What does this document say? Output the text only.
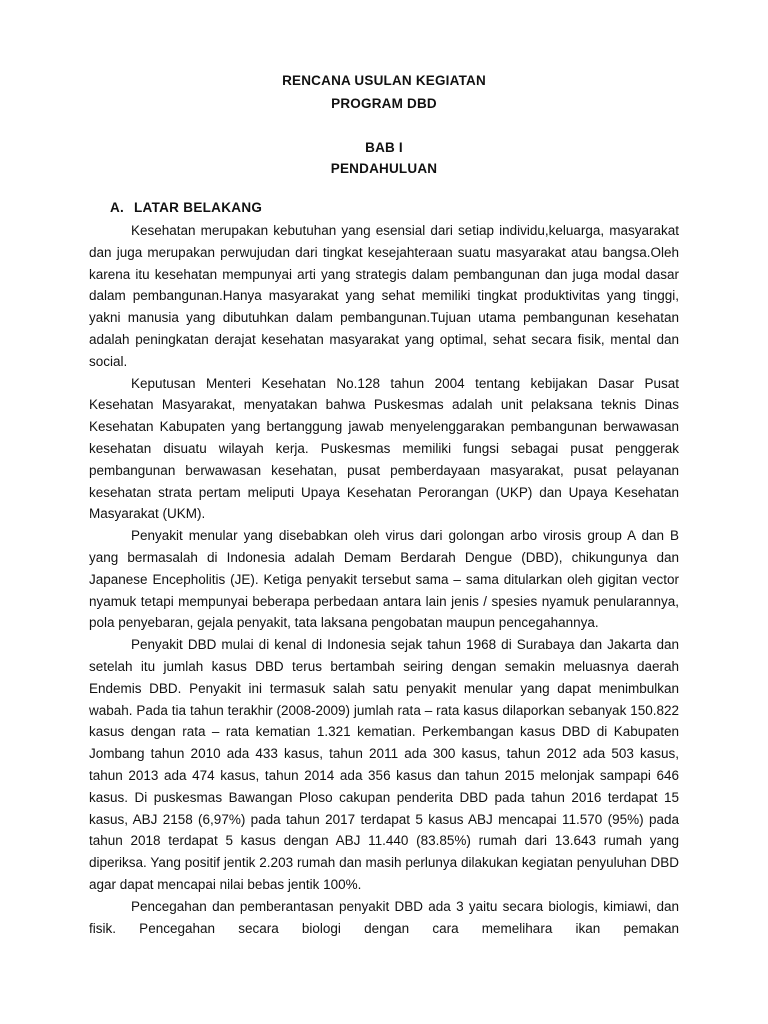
RENCANA USULAN KEGIATAN
PROGRAM DBD
BAB I
PENDAHULUAN
A. LATAR BELAKANG

Kesehatan merupakan kebutuhan yang esensial dari setiap individu,keluarga, masyarakat dan juga merupakan perwujudan dari tingkat kesejahteraan suatu masyarakat atau bangsa.Oleh karena itu kesehatan mempunyai arti yang strategis dalam pembangunan dan juga modal dasar dalam pembangunan.Hanya masyarakat yang sehat memiliki tingkat produktivitas yang tinggi, yakni manusia yang dibutuhkan dalam pembangunan.Tujuan utama pembangunan kesehatan adalah peningkatan derajat kesehatan masyarakat yang optimal, sehat secara fisik, mental dan social.

Keputusan Menteri Kesehatan No.128 tahun 2004 tentang kebijakan Dasar Pusat Kesehatan Masyarakat, menyatakan bahwa Puskesmas adalah unit pelaksana teknis Dinas Kesehatan Kabupaten yang bertanggung jawab menyelenggarakan pembangunan berwawasan kesehatan disuatu wilayah kerja. Puskesmas memiliki fungsi sebagai pusat penggerak pembangunan berwawasan kesehatan, pusat pemberdayaan masyarakat, pusat pelayanan kesehatan strata pertam meliputi Upaya Kesehatan Perorangan (UKP) dan Upaya Kesehatan Masyarakat (UKM).

Penyakit menular yang disebabkan oleh virus dari golongan arbo virosis group A dan B yang bermasalah di Indonesia adalah Demam Berdarah Dengue (DBD), chikungunya dan Japanese Encepholitis (JE). Ketiga penyakit tersebut sama – sama ditularkan oleh gigitan vector nyamuk tetapi mempunyai beberapa perbedaan antara lain jenis / spesies nyamuk penularannya, pola penyebaran, gejala penyakit, tata laksana pengobatan maupun pencegahannya.

Penyakit DBD mulai di kenal di Indonesia sejak tahun 1968 di Surabaya dan Jakarta dan setelah itu jumlah kasus DBD terus bertambah seiring dengan semakin meluasnya daerah Endemis DBD. Penyakit ini termasuk salah satu penyakit menular yang dapat menimbulkan wabah. Pada tia tahun terakhir (2008-2009) jumlah rata – rata kasus dilaporkan sebanyak 150.822 kasus dengan rata – rata kematian 1.321 kematian. Perkembangan kasus DBD di Kabupaten Jombang tahun 2010 ada 433 kasus, tahun 2011 ada 300 kasus, tahun 2012 ada 503 kasus, tahun 2013 ada 474 kasus, tahun 2014 ada 356 kasus dan tahun 2015 melonjak sampapi 646 kasus. Di puskesmas Bawangan Ploso cakupan penderita DBD pada tahun 2016 terdapat 15 kasus, ABJ 2158 (6,97%) pada tahun 2017 terdapat 5 kasus ABJ mencapai 11.570 (95%) pada tahun 2018 terdapat 5 kasus dengan ABJ 11.440 (83.85%) rumah dari 13.643 rumah yang diperiksa. Yang positif jentik 2.203 rumah dan masih perlunya dilakukan kegiatan penyuluhan DBD agar dapat mencapai nilai bebas jentik 100%.

Pencegahan dan pemberantasan penyakit DBD ada 3 yaitu secara biologis, kimiawi, dan fisik. Pencegahan secara biologi dengan cara memelihara ikan pemakan
